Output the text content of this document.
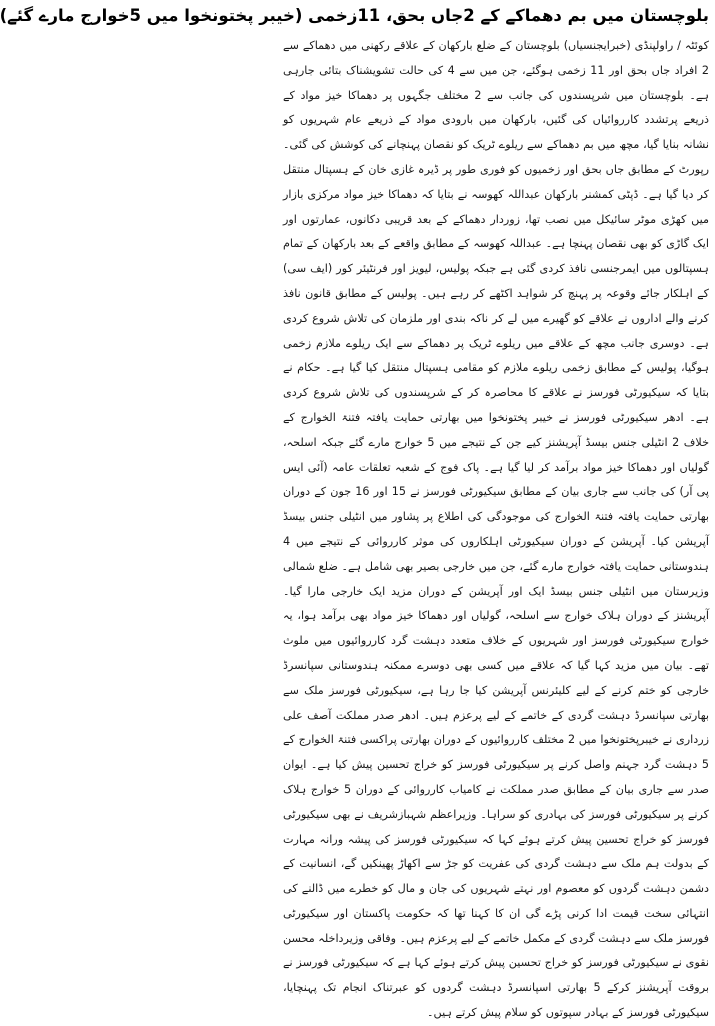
بلوچستان میں بم دھماکے کے 2جاں بحق، 11زخمی (خیبر پختونخوا میں 5خوارج مارے گئے)

کوئٹہ / راولپنڈی (خبرایجنسیاں) بلوچستان کے ضلع بارکھان کے علاقے رکھنی میں دھماکے سے 2 افراد جاں بحق اور 11 زخمی ہوگئے، جن میں سے 4 کی حالت تشویشناک بتائی جارہی ہے۔ بلوچستان میں شرپسندوں کی جانب سے 2 مختلف جگہوں پر دھماکا خیز مواد کے ذریعے پرتشدد کارروائیاں کی گئیں، بارکھان میں بارودی مواد کے ذریعے عام شہریوں کو نشانہ بنایا گیا، مچھ میں بم دھماکے سے ریلوے ٹریک کو نقصان پہنچانے کی کوشش کی گئی۔ رپورٹ کے مطابق جاں بحق اور زخمیوں کو فوری طور پر ڈیرہ غازی خان کے ہسپتال منتقل کر دیا گیا ہے۔ ڈپٹی کمشنر بارکھان عبداللہ کھوسہ نے بتایا کہ دھماکا خیز مواد مرکزی بازار میں کھڑی موٹر سائیکل میں نصب تھا، زوردار دھماکے کے بعد قریبی دکانوں، عمارتوں اور ایک گاڑی کو بھی نقصان پہنچا ہے۔ عبداللہ کھوسہ کے مطابق واقعے کے بعد بارکھان کے تمام ہسپتالوں میں ایمرجنسی نافذ کردی گئی ہے جبکہ پولیس، لیویز اور فرنٹیئر کور (ایف سی) کے اہلکار جائے وقوعہ پر پہنچ کر شواہد اکٹھے کر رہے ہیں۔ پولیس کے مطابق قانون نافذ کرنے والے اداروں نے علاقے کو گھیرے میں لے کر ناکہ بندی اور ملزمان کی تلاش شروع کردی ہے۔ دوسری جانب مچھ کے علاقے میں ریلوے ٹریک پر دھماکے سے ایک ریلوے ملازم زخمی ہوگیا، پولیس کے مطابق زخمی ریلوے ملازم کو مقامی ہسپتال منتقل کیا گیا ہے۔ حکام نے بتایا کہ سیکیورٹی فورسز نے علاقے کا محاصرہ کر کے شرپسندوں کی تلاش شروع کردی ہے۔ ادھر سیکیورٹی فورسز نے خیبر پختونخوا میں بھارتی حمایت یافتہ فتنۃ الخوارج کے خلاف 2 انٹیلی جنس بیسڈ آپریشنز کیے جن کے نتیجے میں 5 خوارج مارے گئے جبکہ اسلحہ، گولیاں اور دھماکا خیز مواد برآمد کر لیا گیا ہے۔ پاک فوج کے شعبہ تعلقات عامہ (آئی ایس پی آر) کی جانب سے جاری بیان کے مطابق سیکیورٹی فورسز نے 15 اور 16 جون کے دوران بھارتی حمایت یافتہ فتنۃ الخوارج کی موجودگی کی اطلاع پر پشاور میں انٹیلی جنس بیسڈ آپریشن کیا۔ آپریشن کے دوران سیکیورٹی اہلکاروں کی موثر کارروائی کے نتیجے میں 4 ہندوستانی حمایت یافتہ خوارج مارے گئے، جن میں خارجی بصیر بھی شامل ہے۔ ضلع شمالی وزیرستان میں انٹیلی جنس بیسڈ ایک اور آپریشن کے دوران مزید ایک خارجی مارا گیا۔ آپریشنز کے دوران ہلاک خوارج سے اسلحہ، گولیاں اور دھماکا خیز مواد بھی برآمد ہوا، یہ خوارج سیکیورٹی فورسز اور شہریوں کے خلاف متعدد دہشت گرد کارروائیوں میں ملوث تھے۔ بیان میں مزید کہا گیا کہ علاقے میں کسی بھی دوسرے ممکنہ ہندوستانی سپانسرڈ خارجی کو ختم کرنے کے لیے کلیئرنس آپریشن کیا جا رہا ہے، سیکیورٹی فورسز ملک سے بھارتی سپانسرڈ دہشت گردی کے خاتمے کے لیے پرعزم ہیں۔ ادھر صدر مملکت آصف علی زرداری نے خیبرپختونخوا میں 2 مختلف کارروائیوں کے دوران بھارتی پراکسی فتنۃ الخوارج کے 5 دہشت گرد جہنم واصل کرنے پر سیکیورٹی فورسز کو خراج تحسین پیش کیا ہے۔ ایوان صدر سے جاری بیان کے مطابق صدر مملکت نے کامیاب کارروائی کے دوران 5 خوارج ہلاک کرنے پر سیکیورٹی فورسز کی بہادری کو سراہا۔ وزیراعظم شہبازشریف نے بھی سیکیورٹی فورسز کو خراج تحسین پیش کرتے ہوئے کہا کہ سیکیورٹی فورسز کی پیشہ ورانہ مہارت کے بدولت ہم ملک سے دہشت گردی کی عفریت کو جڑ سے اکھاڑ پھینکیں گے، انسانیت کے دشمن دہشت گردوں کو معصوم اور نہتے شہریوں کی جان و مال کو خطرے میں ڈالنے کی انتہائی سخت قیمت ادا کرنی پڑے گی ان کا کہنا تھا کہ حکومت پاکستان اور سیکیورٹی فورسز ملک سے دہشت گردی کے مکمل خاتمے کے لیے پرعزم ہیں۔ وفاقی وزیرداخلہ محسن نقوی نے سیکیورٹی فورسز کو خراج تحسین پیش کرتے ہوئے کہا ہے کہ سیکیورٹی فورسز نے بروقت آپریشنز کرکے 5 بھارتی اسپانسرڈ دہشت گردوں کو عبرتناک انجام تک پہنچایا، سیکیورٹی فورسز کے بہادر سپوتوں کو سلام پیش کرتے ہیں۔
